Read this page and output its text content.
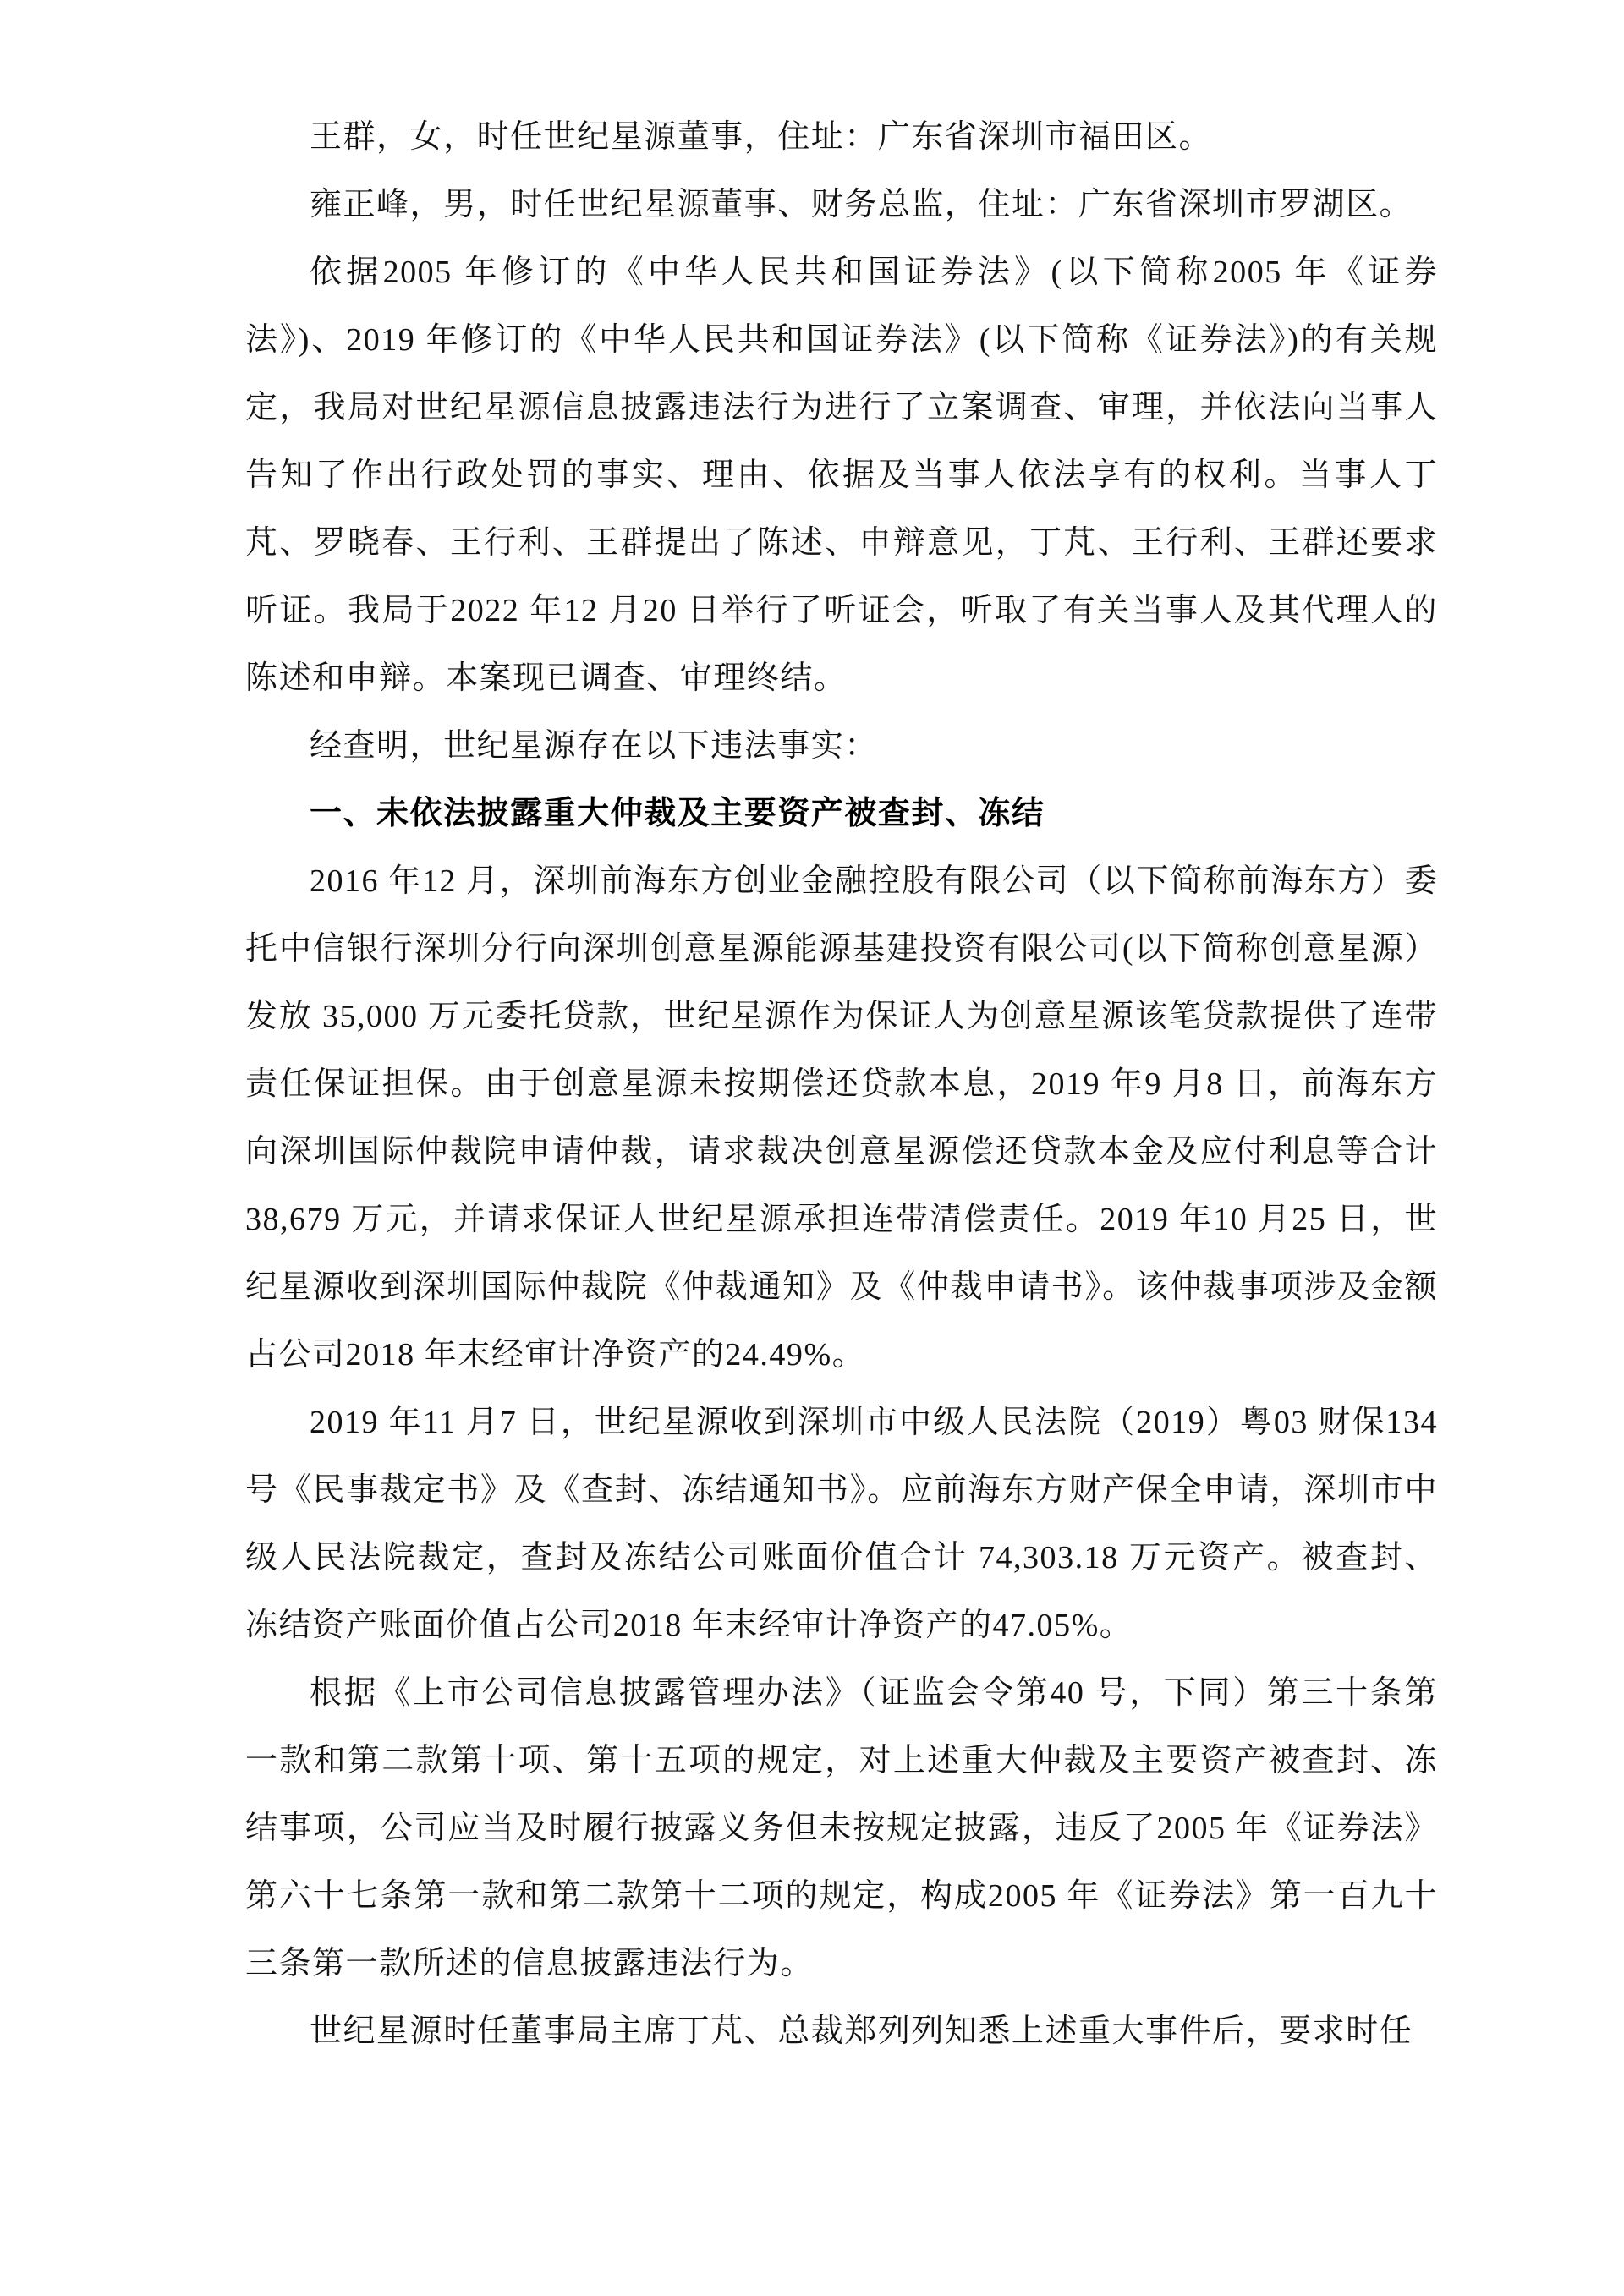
王群，女，时任世纪星源董事，住址：广东省深圳市福田区。

雍正峰，男，时任世纪星源董事、财务总监，住址：广东省深圳市罗湖区。

依据2005 年修订的《中华人民共和国证券法》(以下简称2005 年《证券法》)、2019 年修订的《中华人民共和国证券法》(以下简称《证券法》)的有关规定，我局对世纪星源信息披露违法行为进行了立案调查、审理，并依法向当事人告知了作出行政处罚的事实、理由、依据及当事人依法享有的权利。当事人丁芃、罗晓春、王行利、王群提出了陈述、申辩意见，丁芃、王行利、王群还要求听证。我局于2022 年12 月20 日举行了听证会，听取了有关当事人及其代理人的陈述和申辩。本案现已调查、审理终结。

经查明，世纪星源存在以下违法事实：

一、未依法披露重大仲裁及主要资产被查封、冻结

2016 年12 月，深圳前海东方创业金融控股有限公司（以下简称前海东方）委托中信银行深圳分行向深圳创意星源能源基建投资有限公司(以下简称创意星源）发放 35,000 万元委托贷款，世纪星源作为保证人为创意星源该笔贷款提供了连带责任保证担保。由于创意星源未按期偿还贷款本息，2019 年9 月8 日，前海东方向深圳国际仲裁院申请仲裁，请求裁决创意星源偿还贷款本金及应付利息等合计 38,679 万元，并请求保证人世纪星源承担连带清偿责任。2019 年10 月25 日，世纪星源收到深圳国际仲裁院《仲裁通知》及《仲裁申请书》。该仲裁事项涉及金额占公司2018 年末经审计净资产的24.49%。

2019 年11 月7 日，世纪星源收到深圳市中级人民法院（2019）粤03 财保134 号《民事裁定书》及《查封、冻结通知书》。应前海东方财产保全申请，深圳市中级人民法院裁定，查封及冻结公司账面价值合计 74,303.18 万元资产。被查封、冻结资产账面价值占公司2018 年末经审计净资产的47.05%。

根据《上市公司信息披露管理办法》（证监会令第40 号，下同）第三十条第一款和第二款第十项、第十五项的规定，对上述重大仲裁及主要资产被查封、冻结事项，公司应当及时履行披露义务但未按规定披露，违反了2005 年《证券法》第六十七条第一款和第二款第十二项的规定，构成2005 年《证券法》第一百九十三条第一款所述的信息披露违法行为。

世纪星源时任董事局主席丁芃、总裁郑列列知悉上述重大事件后，要求时任
